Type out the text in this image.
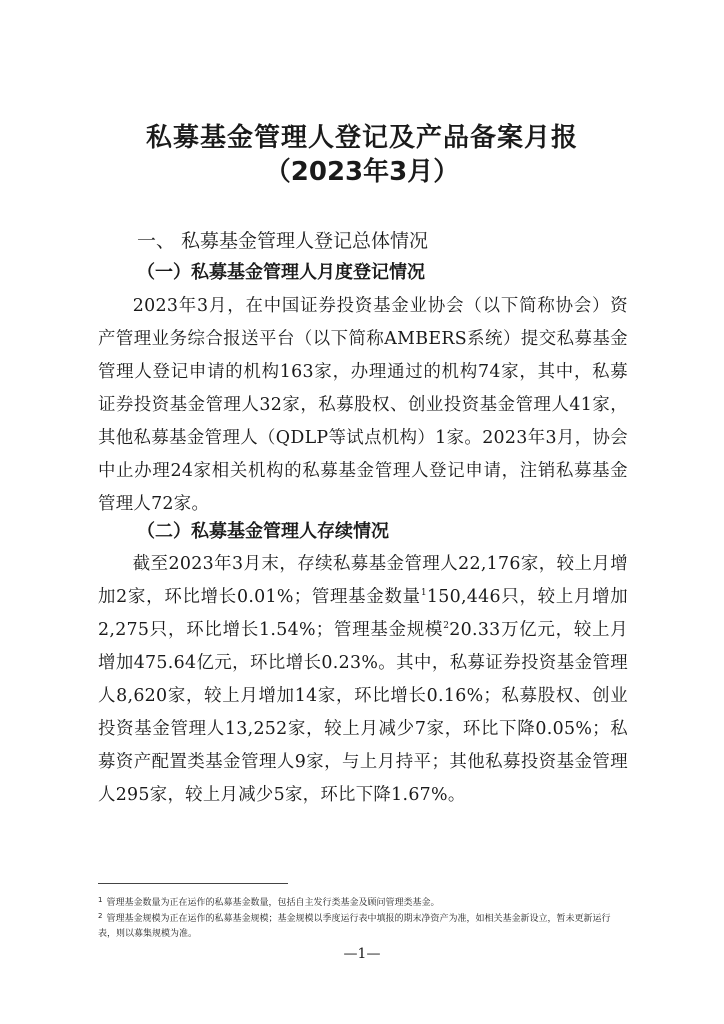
私募基金管理人登记及产品备案月报
（2023年3月）
一、 私募基金管理人登记总体情况
（一）私募基金管理人月度登记情况
2023年3月，在中国证券投资基金业协会（以下简称协会）资产管理业务综合报送平台（以下简称AMBERS系统）提交私募基金管理人登记申请的机构163家，办理通过的机构74家，其中，私募证券投资基金管理人32家，私募股权、创业投资基金管理人41家，其他私募基金管理人（QDLP等试点机构）1家。2023年3月，协会中止办理24家相关机构的私募基金管理人登记申请，注销私募基金管理人72家。
（二）私募基金管理人存续情况
截至2023年3月末，存续私募基金管理人22,176家，较上月增加2家，环比增长0.01%；管理基金数量$^1$150,446只，较上月增加2,275只，环比增长1.54%；管理基金规模$^2$20.33万亿元，较上月增加475.64亿元，环比增长0.23%。其中，私募证券投资基金管理人8,620家，较上月增加14家，环比增长0.16%；私募股权、创业投资基金管理人13,252家，较上月减少7家，环比下降0.05%；私募资产配置类基金管理人9家，与上月持平；其他私募投资基金管理人295家，较上月减少5家，环比下降1.67%。
$^1$ 管理基金数量为正在运作的私募基金数量，包括自主发行类基金及顾问管理类基金。
$^2$ 管理基金规模为正在运作的私募基金规模；基金规模以季度运行表中填报的期末净资产为准，如相关基金新设立，暂未更新运行表，则以募集规模为准。
—1—
